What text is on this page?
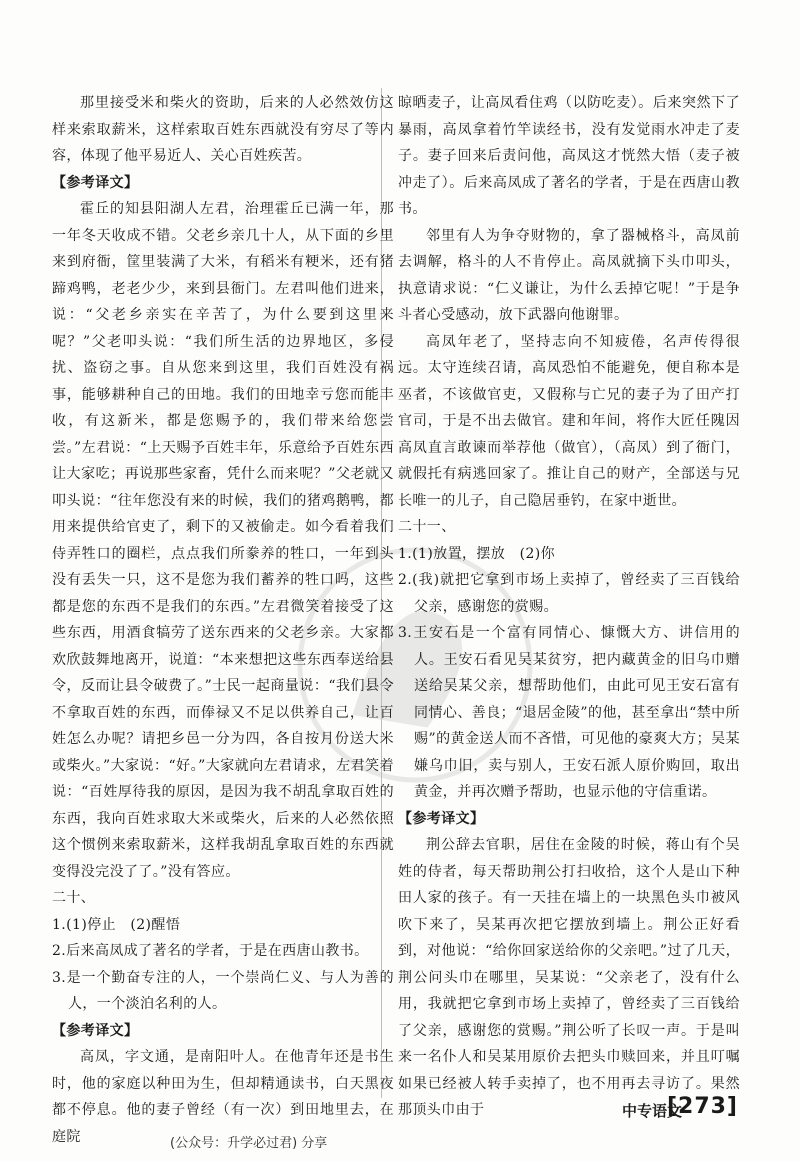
那里接受米和柴火的资助，后来的人必然效仿这样来索取薪米，这样索取百姓东西就没有穷尽了等内容，体现了他平易近人、关心百姓疾苦。

【参考译文】

霍丘的知县阳湖人左君，治理霍丘已满一年，那一年冬天收成不错。父老乡亲几十人，从下面的乡里来到府衙，筐里装满了大米，有稻米有粳米，还有猪蹄鸡鸭，老老少少，来到县衙门。左君叫他们进来，说：“父老乡亲实在辛苦了，为什么要到这里来呢？”父老叩头说：“我们所生活的边界地区，多侵扰、盗窃之事。自从您来到这里，我们百姓没有祸事，能够耕种自己的田地。我们的田地幸亏您而能丰收，有这新米，都是您赐予的，我们带来给您尝尝。”左君说：“上天赐予百姓丰年，乐意给予百姓东西让大家吃；再说那些家畜，凭什么而来呢？”父老就又叩头说：“往年您没有来的时候，我们的猪鸡鹅鸭，都用来提供给官吏了，剩下的又被偷走。如今看着我们侍弄牲口的圈栏，点点我们所豢养的牲口，一年到头没有丢失一只，这不是您为我们蓄养的牲口吗，这些都是您的东西不是我们的东西。”左君微笑着接受了这些东西，用酒食犒劳了送东西来的父老乡亲。大家都欢欣鼓舞地离开，说道：“本来想把这些东西奉送给县令，反而让县令破费了。”士民一起商量说：“我们县令不拿取百姓的东西，而俸禄又不足以供养自己，让百姓怎么办呢？请把乡邑一分为四，各自按月份送大米或柴火。”大家说：“好。”大家就向左君请求，左君笑着说：“百姓厚待我的原因，是因为我不胡乱拿取百姓的东西，我向百姓求取大米或柴火，后来的人必然依照这个惯例来索取薪米，这样我胡乱拿取百姓的东西就变得没完没了了。”没有答应。

二十、

1.(1)停止　(2)醒悟

2.后来高凤成了著名的学者，于是在西唐山教书。

3.是一个勤奋专注的人，一个崇尚仁义、与人为善的人，一个淡泊名利的人。

【参考译文】

高凤，字文通，是南阳叶人。在他青年还是书生时，他的家庭以种田为生，但却精通读书，白天黑夜都不停息。他的妻子曾经（有一次）到田地里去，在庭院

晾晒麦子，让高凤看住鸡（以防吃麦）。后来突然下了暴雨，高凤拿着竹竿读经书，没有发觉雨水冲走了麦子。妻子回来后责问他，高凤这才恍然大悟（麦子被冲走了）。后来高凤成了著名的学者，于是在西唐山教书。

邻里有人为争夺财物的，拿了器械格斗，高凤前去调解，格斗的人不肯停止。高凤就摘下头巾叩头，执意请求说：“仁义谦让，为什么丢掉它呢！”于是争斗者心受感动，放下武器向他谢罪。

高凤年老了，坚持志向不知疲倦，名声传得很远。太守连续召请，高凤恐怕不能避免，便自称本是巫者，不该做官吏，又假称与亡兄的妻子为了田产打官司，于是不出去做官。建和年间，将作大匠任隗因高凤直言敢谏而举荐他（做官），（高凤）到了衙门，就假托有病逃回家了。推让自己的财产，全部送与兄长唯一的儿子，自己隐居垂钓，在家中逝世。

二十一、

1.(1)放置，摆放　(2)你

2.(我)就把它拿到市场上卖掉了，曾经卖了三百钱给父亲，感谢您的赏赐。

3.王安石是一个富有同情心、慷慨大方、讲信用的人。王安石看见吴某贫穷，把内藏黄金的旧乌巾赠送给吴某父亲，想帮助他们，由此可见王安石富有同情心、善良；“退居金陵”的他，甚至拿出“禁中所赐”的黄金送人而不吝惜，可见他的豪爽大方；吴某嫌乌巾旧，卖与别人，王安石派人原价购回，取出黄金，并再次赠予帮助，也显示他的守信重诺。

【参考译文】

荆公辞去官职，居住在金陵的时候，蒋山有个吴姓的侍者，每天帮助荆公打扫收拾，这个人是山下种田人家的孩子。有一天挂在墙上的一块黑色头巾被风吹下来了，吴某再次把它摆放到墙上。荆公正好看到，对他说：“给你回家送给你的父亲吧。”过了几天，荆公问头巾在哪里，吴某说：“父亲老了，没有什么用，我就把它拿到市场上卖掉了，曾经卖了三百钱给了父亲，感谢您的赏赐。”荆公听了长叹一声。于是叫来一名仆人和吴某用原价去把头巾赎回来，并且叮嘱如果已经被人转手卖掉了，也不用再去寻访了。果然那顶头巾由于	中专语文
[273]
(公众号：升学必过君) 分享
